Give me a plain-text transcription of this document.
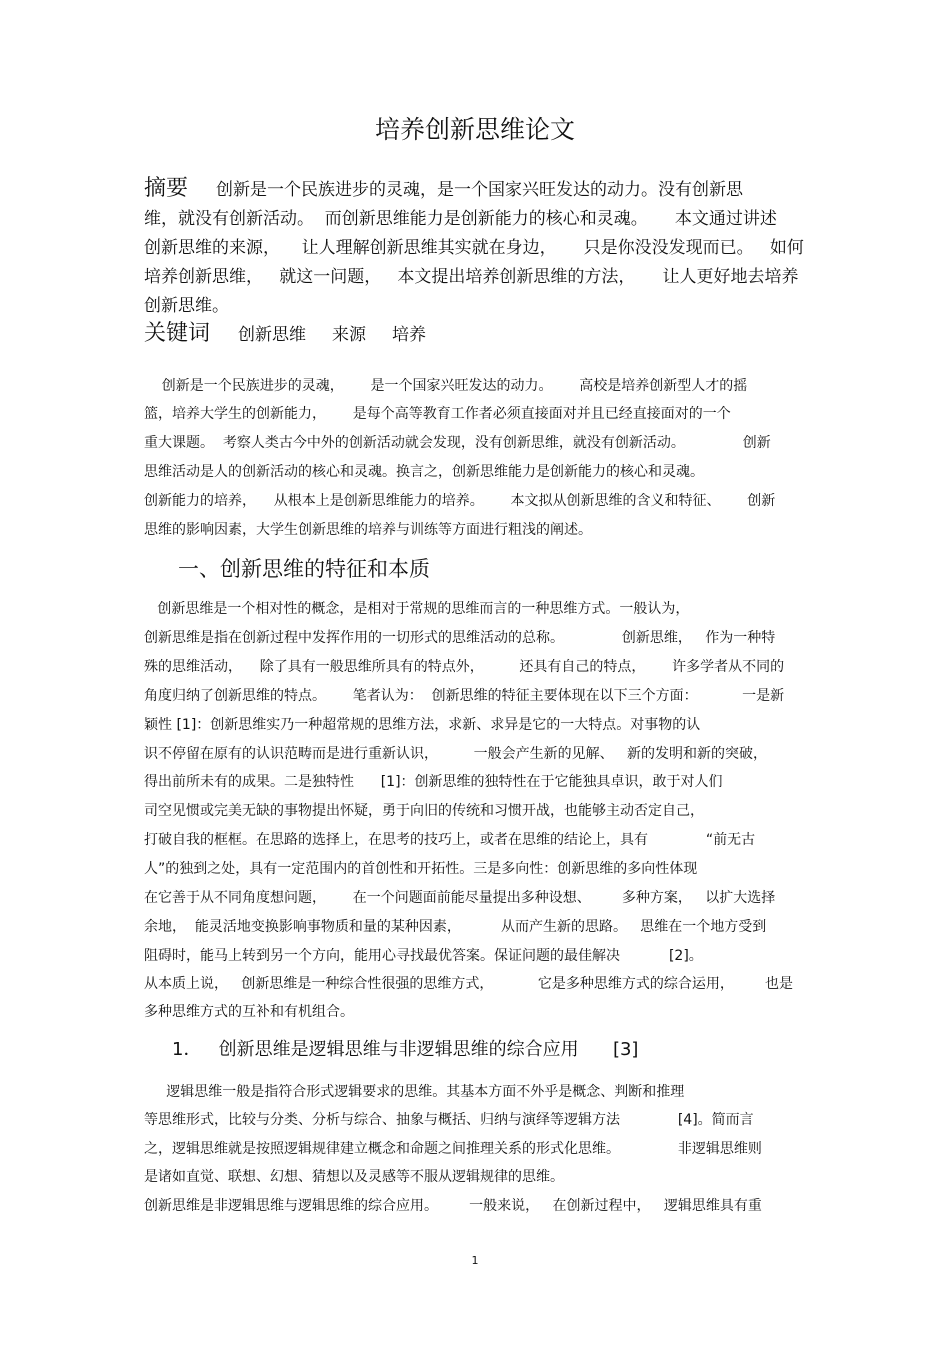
培养创新思维论文
摘要 创新是一个民族进步的灵魂，是一个国家兴旺发达的动力。没有创新思
维，就没有创新活动。  而创新思维能力是创新能力的核心和灵魂。     本文通过讲述
创新思维的来源，    让人理解创新思维其实就在身边，     只是你没没发现而已。   如何
培养创新思维，   就这一问题，   本文提出培养创新思维的方法，     让人更好地去培养
创新思维。
关键词 创新思维 来源 培养
创新是一个民族进步的灵魂，      是一个国家兴旺发达的动力。      高校是培养创新型人才的摇
篮，培养大学生的创新能力，      是每个高等教育工作者必须直接面对并且已经直接面对的一个
重大课题。  考察人类古今中外的创新活动就会发现，没有创新思维，就没有创新活动。             创新
思维活动是人的创新活动的核心和灵魂。换言之，创新思维能力是创新能力的核心和灵魂。
创新能力的培养，    从根本上是创新思维能力的培养。      本文拟从创新思维的含义和特征、      创新
思维的影响因素，大学生创新思维的培养与训练等方面进行粗浅的阐述。
一、创新思维的特征和本质
创新思维是一个相对性的概念，是相对于常规的思维而言的一种思维方式。一般认为，
创新思维是指在创新过程中发挥作用的一切形式的思维活动的总称。             创新思维，   作为一种特
殊的思维活动，    除了具有一般思维所具有的特点外，        还具有自己的特点，      许多学者从不同的
角度归纳了创新思维的特点。      笔者认为：  创新思维的特征主要体现在以下三个方面：          一是新
颖性 [1]：创新思维实乃一种超常规的思维方法，求新、求异是它的一大特点。对事物的认
识不停留在原有的认识范畴而是进行重新认识，        一般会产生新的见解、   新的发明和新的突破，
得出前所未有的成果。二是独特性      [1]：创新思维的独特性在于它能独具卓识，敢于对人们
司空见惯或完美无缺的事物提出怀疑，勇于向旧的传统和习惯开战，也能够主动否定自己，
打破自我的框框。在思路的选择上，在思考的技巧上，或者在思维的结论上，具有             “前无古
人”的独到之处，具有一定范围内的首创性和开拓性。三是多向性：创新思维的多向性体现
在它善于从不同角度想问题，      在一个问题面前能尽量提出多种设想、       多种方案，   以扩大选择
余地，  能灵活地变换影响事物质和量的某种因素，         从而产生新的思路。   思维在一个地方受到
阻碍时，能马上转到另一个方向，能用心寻找最优答案。保证问题的最佳解决           [2]。
从本质上说，   创新思维是一种综合性很强的思维方式，          它是多种思维方式的综合运用，       也是
多种思维方式的互补和有机组合。
1．   创新思维是逻辑思维与非逻辑思维的综合应用      [3]
逻辑思维一般是指符合形式逻辑要求的思维。其基本方面不外乎是概念、判断和推理
等思维形式，比较与分类、分析与综合、抽象与概括、归纳与演绎等逻辑方法             [4]。简而言
之，逻辑思维就是按照逻辑规律建立概念和命题之间推理关系的形式化思维。             非逻辑思维则
是诸如直觉、联想、幻想、猜想以及灵感等不服从逻辑规律的思维。
创新思维是非逻辑思维与逻辑思维的综合应用。       一般来说，   在创新过程中，   逻辑思维具有重
1
